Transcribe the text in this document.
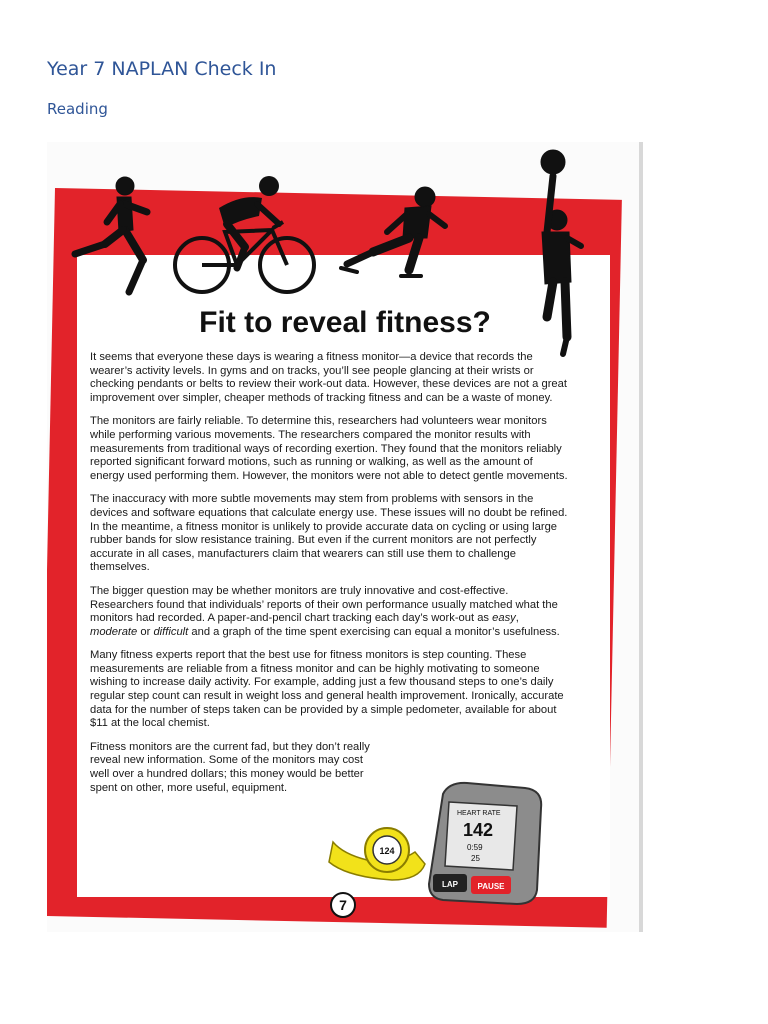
Year 7 NAPLAN Check In
Reading
Fit to reveal fitness?

It seems that everyone these days is wearing a fitness monitor—a device that records the wearer’s activity levels. In gyms and on tracks, you’ll see people glancing at their wrists or checking pendants or belts to review their work-out data. However, these devices are not a great improvement over simpler, cheaper methods of tracking fitness and can be a waste of money.

The monitors are fairly reliable. To determine this, researchers had volunteers wear monitors while performing various movements. The researchers compared the monitor results with measurements from traditional ways of recording exertion. They found that the monitors reliably reported significant forward motions, such as running or walking, as well as the amount of energy used performing them. However, the monitors were not able to detect gentle movements.

The inaccuracy with more subtle movements may stem from problems with sensors in the devices and software equations that calculate energy use. These issues will no doubt be refined. In the meantime, a fitness monitor is unlikely to provide accurate data on cycling or using large rubber bands for slow resistance training. But even if the current monitors are not perfectly accurate in all cases, manufacturers claim that wearers can still use them to challenge themselves.

The bigger question may be whether monitors are truly innovative and cost-effective. Researchers found that individuals’ reports of their own performance usually matched what the monitors had recorded. A paper-and-pencil chart tracking each day’s work-out as easy, moderate or difficult and a graph of the time spent exercising can equal a monitor’s usefulness.

Many fitness experts report that the best use for fitness monitors is step counting. These measurements are reliable from a fitness monitor and can be highly motivating to someone wishing to increase daily activity. For example, adding just a few thousand steps to one’s daily regular step count can result in weight loss and general health improvement. Ironically, accurate data for the number of steps taken can be provided by a simple pedometer, available for about $11 at the local chemist.

Fitness monitors are the current fad, but they don’t really reveal new information. Some of the monitors may cost well over a hundred dollars; this money would be better spent on other, more useful, equipment.

124
HEART RATE
142
0:59
25
LAP PAUSE
7
